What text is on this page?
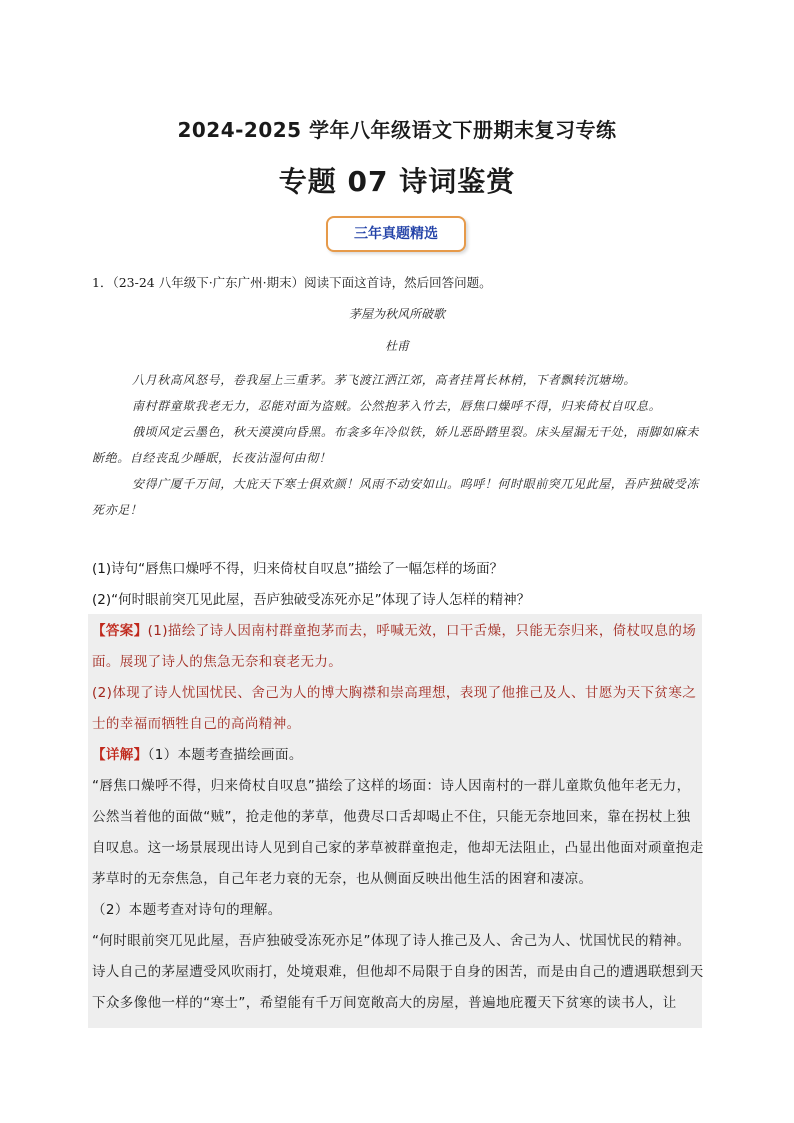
2024-2025 学年八年级语文下册期末复习专练
专题 07 诗词鉴赏
三年真题精选
1．（23-24 八年级下·广东广州·期末）阅读下面这首诗，然后回答问题。
茅屋为秋风所破歌
杜甫
八月秋高风怒号，卷我屋上三重茅。茅飞渡江洒江郊，高者挂罥长林梢，下者飘转沉塘坳。
南村群童欺我老无力，忍能对面为盗贼。公然抱茅入竹去，唇焦口燥呼不得，归来倚杖自叹息。
俄顷风定云墨色，秋天漠漠向昏黑。布衾多年冷似铁，娇儿恶卧踏里裂。床头屋漏无干处，雨脚如麻未断绝。自经丧乱少睡眠，长夜沾湿何由彻！
安得广厦千万间，大庇天下寒士俱欢颜！风雨不动安如山。呜呼！何时眼前突兀见此屋，吾庐独破受冻死亦足！
(1)诗句“唇焦口燥呼不得，归来倚杖自叹息”描绘了一幅怎样的场面？
(2)“何时眼前突兀见此屋，吾庐独破受冻死亦足”体现了诗人怎样的精神？
【答案】(1)描绘了诗人因南村群童抱茅而去，呼喊无效，口干舌燥，只能无奈归来，倚杖叹息的场面。展现了诗人的焦急无奈和衰老无力。
(2)体现了诗人忧国忧民、舍己为人的博大胸襟和崇高理想，表现了他推己及人、甘愿为天下贫寒之士的幸福而牺牲自己的高尚精神。
【详解】（1）本题考查描绘画面。
“唇焦口燥呼不得，归来倚杖自叹息”描绘了这样的场面：诗人因南村的一群儿童欺负他年老无力，公然当着他的面做“贼”，抢走他的茅草，他费尽口舌却喝止不住，只能无奈地回来，靠在拐杖上独自叹息。这一场景展现出诗人见到自己家的茅草被群童抱走，他却无法阻止，凸显出他面对顽童抱走茅草时的无奈焦急，自己年老力衰的无奈，也从侧面反映出他生活的困窘和凄凉。
（2）本题考查对诗句的理解。
“何时眼前突兀见此屋，吾庐独破受冻死亦足”体现了诗人推己及人、舍己为人、忧国忧民的精神。诗人自己的茅屋遭受风吹雨打，处境艰难，但他却不局限于自身的困苦，而是由自己的遭遇联想到天下众多像他一样的“寒士”，希望能有千万间宽敞高大的房屋，普遍地庇覆天下贫寒的读书人，让
